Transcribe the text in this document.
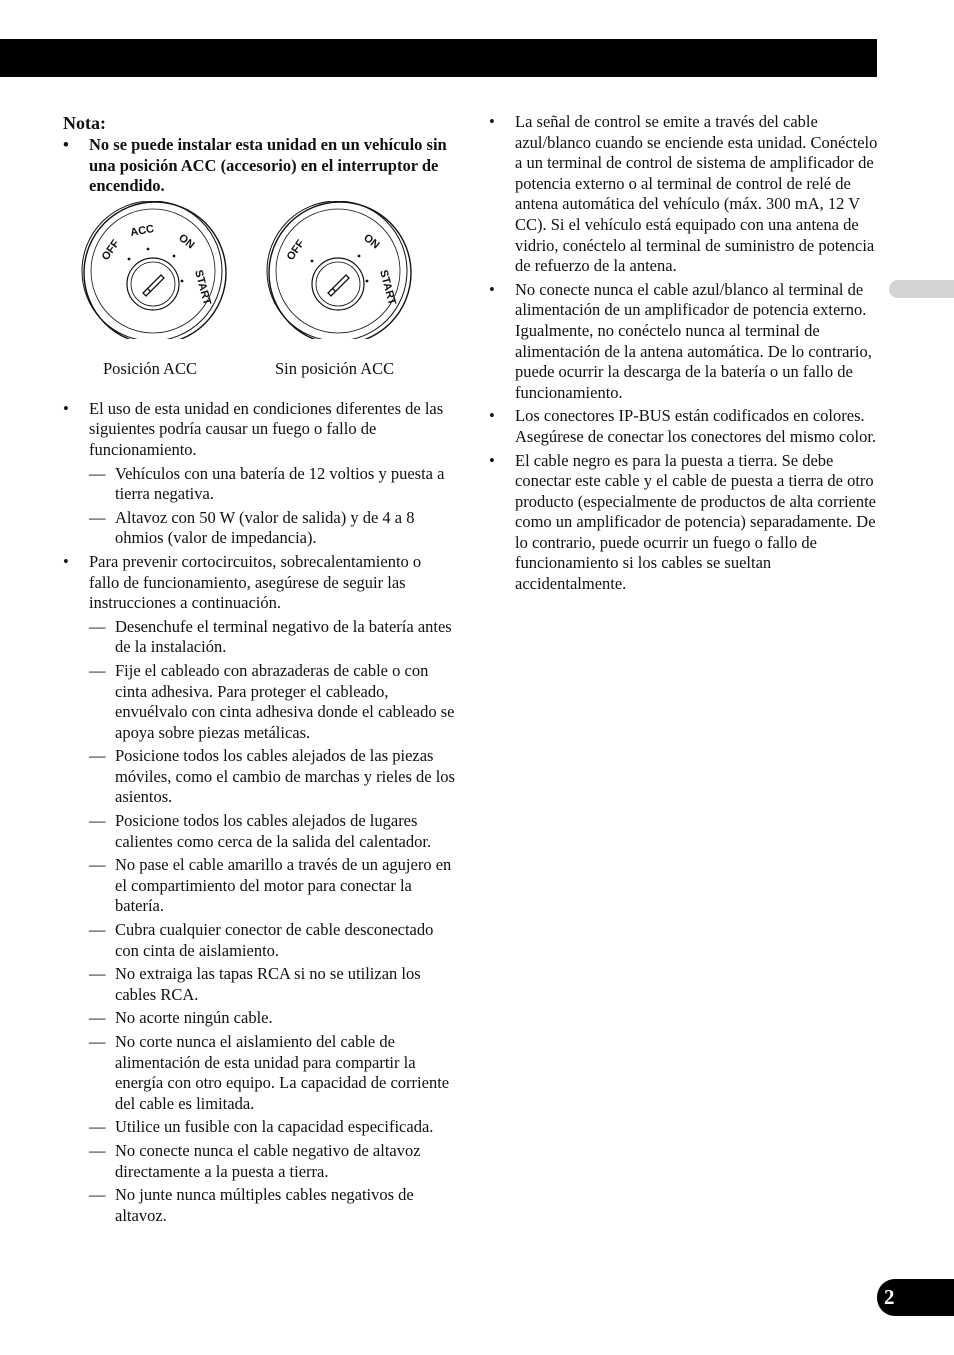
2
Nota:
• No se puede instalar esta unidad en un vehículo sin una posición ACC (accesorio) en el interruptor de encendido.
OFF
ACC
ON
START
OFF	ON
START
Posición ACC	Sin posición ACC
• El uso de esta unidad en condiciones diferentes de las siguientes podría causar un fuego o fallo de funcionamiento.
— Vehículos con una batería de 12 voltios y puesta a tierra negativa.
— Altavoz con 50 W (valor de salida) y de 4 a 8 ohmios (valor de impedancia).
• Para prevenir cortocircuitos, sobrecalentamiento o fallo de funcionamiento, asegúrese de seguir las instrucciones a continuación.
— Desenchufe el terminal negativo de la batería antes de la instalación.
— Fije el cableado con abrazaderas de cable o con cinta adhesiva. Para proteger el cableado, envuélvalo con cinta adhesiva donde el cableado se apoya sobre piezas metálicas.
— Posicione todos los cables alejados de las piezas móviles, como el cambio de marchas y rieles de los asientos.
— Posicione todos los cables alejados de lugares calientes como cerca de la salida del calentador.
— No pase el cable amarillo a través de un agujero en el compartimiento del motor para conectar la batería.
— Cubra cualquier conector de cable desconectado con cinta de aislamiento.
— No extraiga las tapas RCA si no se utilizan los cables RCA.
— No acorte ningún cable.
— No corte nunca el aislamiento del cable de alimentación de esta unidad para compartir la energía con otro equipo. La capacidad de corriente del cable es limitada.
— Utilice un fusible con la capacidad especificada.
— No conecte nunca el cable negativo de altavoz directamente a la puesta a tierra.
— No junte nunca múltiples cables negativos de altavoz.
• La señal de control se emite a través del cable azul/blanco cuando se enciende esta unidad. Conéctelo a un terminal de control de sistema de amplificador de potencia externo o al terminal de control de relé de antena automática del vehículo (máx. 300 mA, 12 V CC). Si el vehículo está equipado con una antena de vidrio, conéctelo al terminal de suministro de potencia de refuerzo de la antena.
• No conecte nunca el cable azul/blanco al terminal de alimentación de un amplificador de potencia externo. Igualmente, no conéctelo nunca al terminal de alimentación de la antena automática. De lo contrario, puede ocurrir la descarga de la batería o un fallo de funcionamiento.
• Los conectores IP-BUS están codificados en colores. Asegúrese de conectar los conectores del mismo color.
• El cable negro es para la puesta a tierra. Se debe conectar este cable y el cable de puesta a tierra de otro producto (especialmente de productos de alta corriente como un amplificador de potencia) separadamente. De lo contrario, puede ocurrir un fuego o fallo de funcionamiento si los cables se sueltan accidentalmente.
